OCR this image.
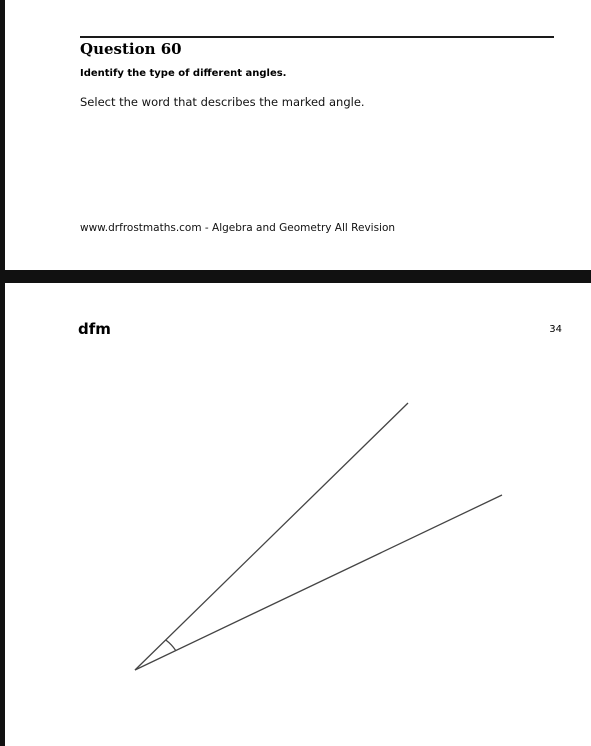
Question 60
Identify the type of different angles.
Select the word that describes the marked angle.
www.drfrostmaths.com - Algebra and Geometry All Revision
dfm	34
